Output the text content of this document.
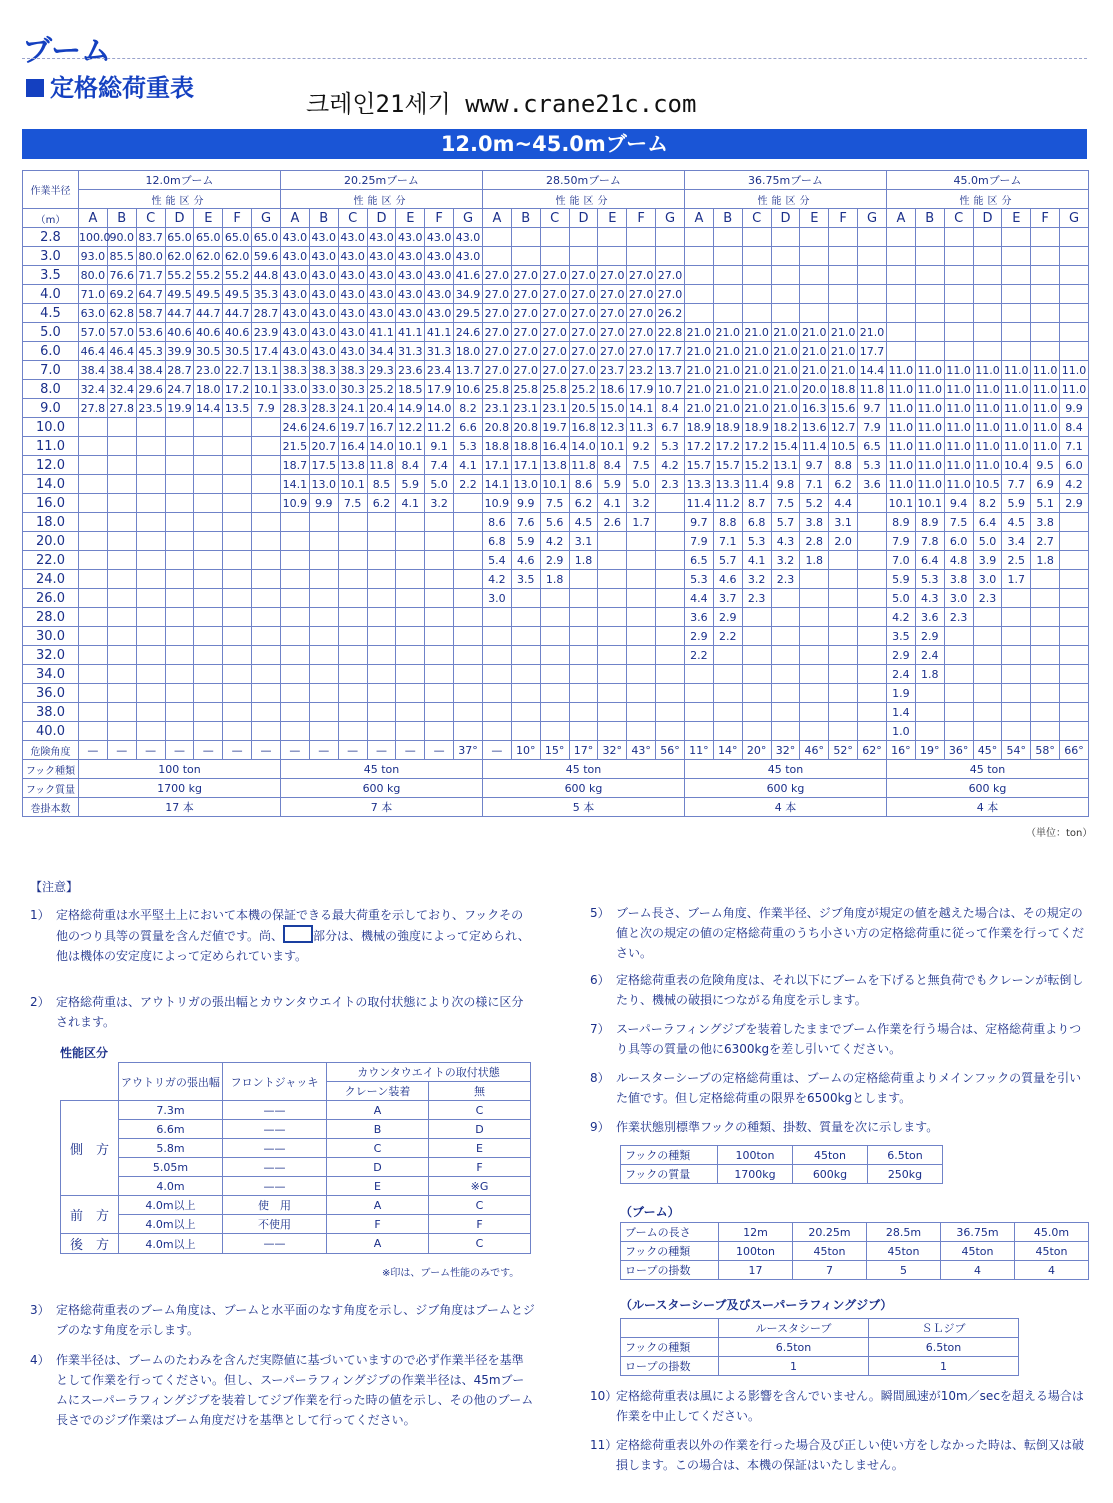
ブーム
定格総荷重表
크레인21세기 www.crane21c.com
12.0m~45.0mブーム
作業半径	12.0mブーム							20.25mブーム							28.50mブーム							36.75mブーム							45.0mブーム						
	性能区分							性能区分							性能区分							性能区分							性能区分						
（m）	A	B	C	D	E	F	G	A	B	C	D	E	F	G	A	B	C	D	E	F	G	A	B	C	D	E	F	G	A	B	C	D	E	F	G
2.8	100.0	90.0	83.7	65.0	65.0	65.0	65.0	43.0	43.0	43.0	43.0	43.0	43.0	43.0																					
3.0	93.0	85.5	80.0	62.0	62.0	62.0	59.6	43.0	43.0	43.0	43.0	43.0	43.0	43.0																					
3.5	80.0	76.6	71.7	55.2	55.2	55.2	44.8	43.0	43.0	43.0	43.0	43.0	43.0	41.6	27.0	27.0	27.0	27.0	27.0	27.0	27.0														
4.0	71.0	69.2	64.7	49.5	49.5	49.5	35.3	43.0	43.0	43.0	43.0	43.0	43.0	34.9	27.0	27.0	27.0	27.0	27.0	27.0	27.0														
4.5	63.0	62.8	58.7	44.7	44.7	44.7	28.7	43.0	43.0	43.0	43.0	43.0	43.0	29.5	27.0	27.0	27.0	27.0	27.0	27.0	26.2														
5.0	57.0	57.0	53.6	40.6	40.6	40.6	23.9	43.0	43.0	43.0	41.1	41.1	41.1	24.6	27.0	27.0	27.0	27.0	27.0	27.0	22.8	21.0	21.0	21.0	21.0	21.0	21.0	21.0							
6.0	46.4	46.4	45.3	39.9	30.5	30.5	17.4	43.0	43.0	43.0	34.4	31.3	31.3	18.0	27.0	27.0	27.0	27.0	27.0	27.0	17.7	21.0	21.0	21.0	21.0	21.0	21.0	17.7							
7.0	38.4	38.4	38.4	28.7	23.0	22.7	13.1	38.3	38.3	38.3	29.3	23.6	23.4	13.7	27.0	27.0	27.0	27.0	23.7	23.2	13.7	21.0	21.0	21.0	21.0	21.0	21.0	14.4	11.0	11.0	11.0	11.0	11.0	11.0	11.0
8.0	32.4	32.4	29.6	24.7	18.0	17.2	10.1	33.0	33.0	30.3	25.2	18.5	17.9	10.6	25.8	25.8	25.8	25.2	18.6	17.9	10.7	21.0	21.0	21.0	21.0	20.0	18.8	11.8	11.0	11.0	11.0	11.0	11.0	11.0	11.0
9.0	27.8	27.8	23.5	19.9	14.4	13.5	7.9	28.3	28.3	24.1	20.4	14.9	14.0	8.2	23.1	23.1	23.1	20.5	15.0	14.1	8.4	21.0	21.0	21.0	21.0	16.3	15.6	9.7	11.0	11.0	11.0	11.0	11.0	11.0	9.9
10.0								24.6	24.6	19.7	16.7	12.2	11.2	6.6	20.8	20.8	19.7	16.8	12.3	11.3	6.7	18.9	18.9	18.9	18.2	13.6	12.7	7.9	11.0	11.0	11.0	11.0	11.0	11.0	8.4
11.0								21.5	20.7	16.4	14.0	10.1	9.1	5.3	18.8	18.8	16.4	14.0	10.1	9.2	5.3	17.2	17.2	17.2	15.4	11.4	10.5	6.5	11.0	11.0	11.0	11.0	11.0	11.0	7.1
12.0								18.7	17.5	13.8	11.8	8.4	7.4	4.1	17.1	17.1	13.8	11.8	8.4	7.5	4.2	15.7	15.7	15.2	13.1	9.7	8.8	5.3	11.0	11.0	11.0	11.0	10.4	9.5	6.0
14.0								14.1	13.0	10.1	8.5	5.9	5.0	2.2	14.1	13.0	10.1	8.6	5.9	5.0	2.3	13.3	13.3	11.4	9.8	7.1	6.2	3.6	11.0	11.0	11.0	10.5	7.7	6.9	4.2
16.0								10.9	9.9	7.5	6.2	4.1	3.2		10.9	9.9	7.5	6.2	4.1	3.2		11.4	11.2	8.7	7.5	5.2	4.4		10.1	10.1	9.4	8.2	5.9	5.1	2.9
18.0															8.6	7.6	5.6	4.5	2.6	1.7		9.7	8.8	6.8	5.7	3.8	3.1		8.9	8.9	7.5	6.4	4.5	3.8	
20.0															6.8	5.9	4.2	3.1				7.9	7.1	5.3	4.3	2.8	2.0		7.9	7.8	6.0	5.0	3.4	2.7	
22.0															5.4	4.6	2.9	1.8				6.5	5.7	4.1	3.2	1.8			7.0	6.4	4.8	3.9	2.5	1.8	
24.0															4.2	3.5	1.8					5.3	4.6	3.2	2.3				5.9	5.3	3.8	3.0	1.7		
26.0															3.0							4.4	3.7	2.3					5.0	4.3	3.0	2.3			
28.0																						3.6	2.9						4.2	3.6	2.3				
30.0																						2.9	2.2						3.5	2.9					
32.0																						2.2							2.9	2.4					
34.0																													2.4	1.8					
36.0																													1.9						
38.0																													1.4						
40.0																													1.0						
危険角度	—	—	—	—	—	—	—	—	—	—	—	—	—	37°	—	10°	15°	17°	32°	43°	56°	11°	14°	20°	32°	46°	52°	62°	16°	19°	36°	45°	54°	58°	66°
フック種類	100 ton							45 ton							45 ton							45 ton							45 ton						
フック質量	1700 kg							600 kg							600 kg							600 kg							600 kg						
巻掛本数	17 本							7 本							5 本							4 本							4 本						
（単位：ton）
【注意】
1） 定格総荷重は水平堅土上において本機の保証できる最大荷重を示しており、フックその他のつり具等の質量を含んだ値です。尚、	部分は、機械の強度によって定められ、他は機体の安定度によって定められています。
2） 定格総荷重は、アウトリガの張出幅とカウンタウエイトの取付状態により次の様に区分されます。
性能区分
	アウトリガの張出幅	フロントジャッキ	カウンタウエイトの取付状態	
			クレーン装着	無
側　方	7.3m	——	A	C
	6.6m	——	B	D
	5.8m	——	C	E
	5.05m	——	D	F
	4.0m	——	E	※G
前　方	4.0m以上	使　用	A	C
	4.0m以上	不使用	F	F
後　方	4.0m以上	——	A	C
※印は、ブーム性能のみです。
3） 定格総荷重表のブーム角度は、ブームと水平面のなす角度を示し、ジブ角度はブームとジブのなす角度を示します。
4） 作業半径は、ブームのたわみを含んだ実際値に基づいていますので必ず作業半径を基準として作業を行ってください。但し、スーパーラフィングジブの作業半径は、45mブームにスーパーラフィングジブを装着してジブ作業を行った時の値を示し、その他のブーム長さでのジブ作業はブーム角度だけを基準として行ってください。
5） ブーム長さ、ブーム角度、作業半径、ジブ角度が規定の値を越えた場合は、その規定の値と次の規定の値の定格総荷重のうち小さい方の定格総荷重に従って作業を行ってください。
6） 定格総荷重表の危険角度は、それ以下にブームを下げると無負荷でもクレーンが転倒したり、機械の破損につながる角度を示します。
7） スーパーラフィングジブを装着したままでブーム作業を行う場合は、定格総荷重よりつり具等の質量の他に6300kgを差し引いてください。
8） ルースターシーブの定格総荷重は、ブームの定格総荷重よりメインフックの質量を引いた値です。但し定格総荷重の限界を6500kgとします。
9） 作業状態別標準フックの種類、掛数、質量を次に示します。
フックの種類	100ton	45ton	6.5ton
フックの質量	1700kg	600kg	250kg
（ブーム）
ブームの長さ	12m	20.25m	28.5m	36.75m	45.0m
フックの種類	100ton	45ton	45ton	45ton	45ton
ロープの掛数	17	7	5	4	4
（ルースターシーブ及びスーパーラフィングジブ）
	ルースタシーブ	ＳＬジブ
フックの種類	6.5ton	6.5ton
ロープの掛数	1	1
10）
定格総荷重表は風による影響を含んでいません。瞬間風速が10m／secを超える場合は作業を中止してください。
11）
定格総荷重表以外の作業を行った場合及び正しい使い方をしなかった時は、転倒又は破損します。この場合は、本機の保証はいたしません。
